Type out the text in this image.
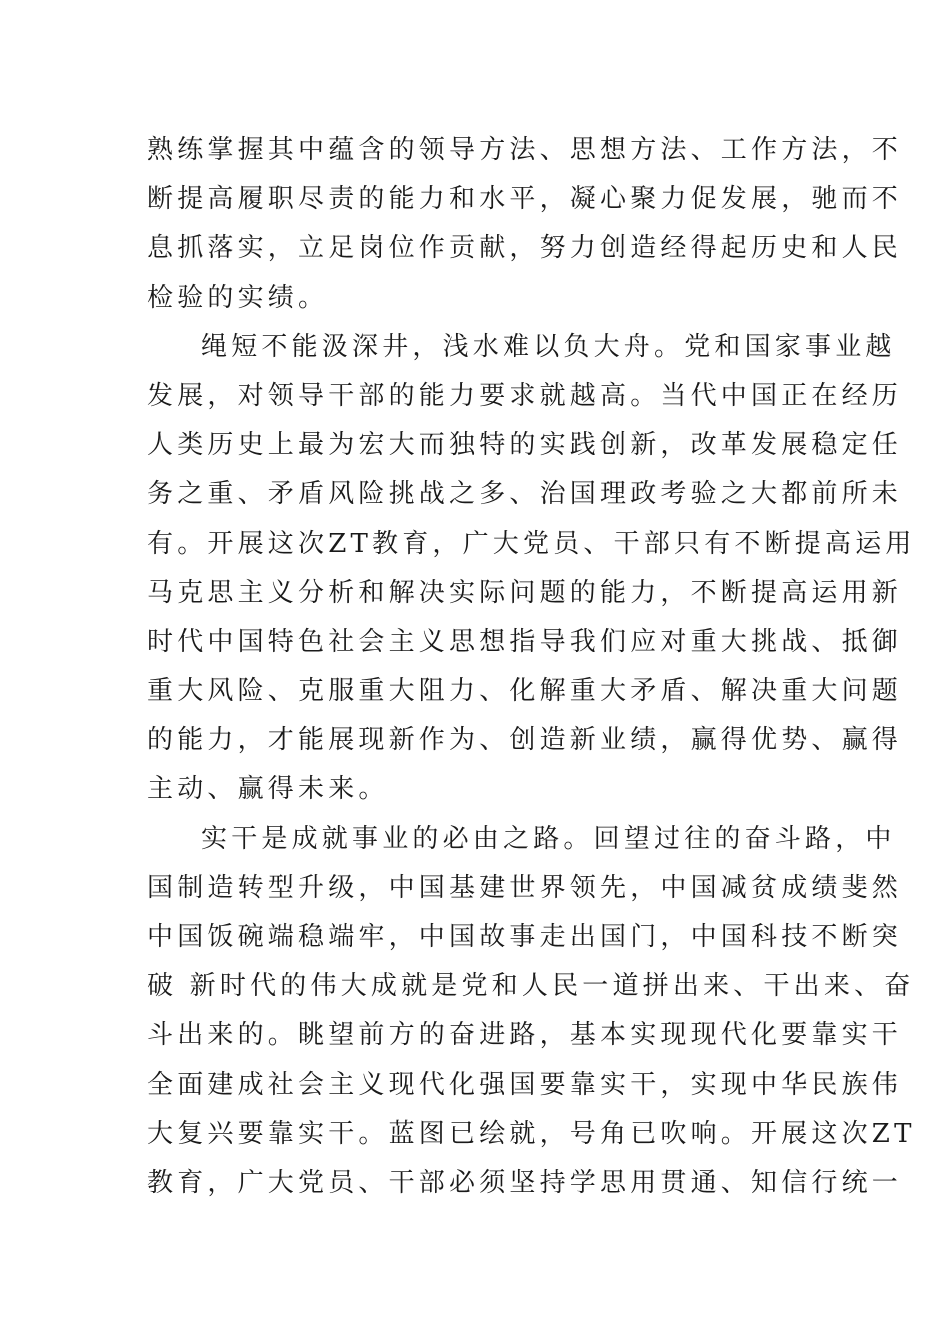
熟练掌握其中蕴含的领导方法、思想方法、工作方法，不
断提高履职尽责的能力和水平，凝心聚力促发展，驰而不
息抓落实，立足岗位作贡献，努力创造经得起历史和人民
检验的实绩。
绳短不能汲深井，浅水难以负大舟。党和国家事业越
发展，对领导干部的能力要求就越高。当代中国正在经历
人类历史上最为宏大而独特的实践创新，改革发展稳定任
务之重、矛盾风险挑战之多、治国理政考验之大都前所未
有。开展这次ZT教育，广大党员、干部只有不断提高运用
马克思主义分析和解决实际问题的能力，不断提高运用新
时代中国特色社会主义思想指导我们应对重大挑战、抵御
重大风险、克服重大阻力、化解重大矛盾、解决重大问题
的能力，才能展现新作为、创造新业绩，赢得优势、赢得
主动、赢得未来。
实干是成就事业的必由之路。回望过往的奋斗路，中
国制造转型升级，中国基建世界领先，中国减贫成绩斐然
中国饭碗端稳端牢，中国故事走出国门，中国科技不断突
破 新时代的伟大成就是党和人民一道拼出来、干出来、奋
斗出来的。眺望前方的奋进路，基本实现现代化要靠实干
全面建成社会主义现代化强国要靠实干，实现中华民族伟
大复兴要靠实干。蓝图已绘就，号角已吹响。开展这次ZT
教育，广大党员、干部必须坚持学思用贯通、知信行统一
